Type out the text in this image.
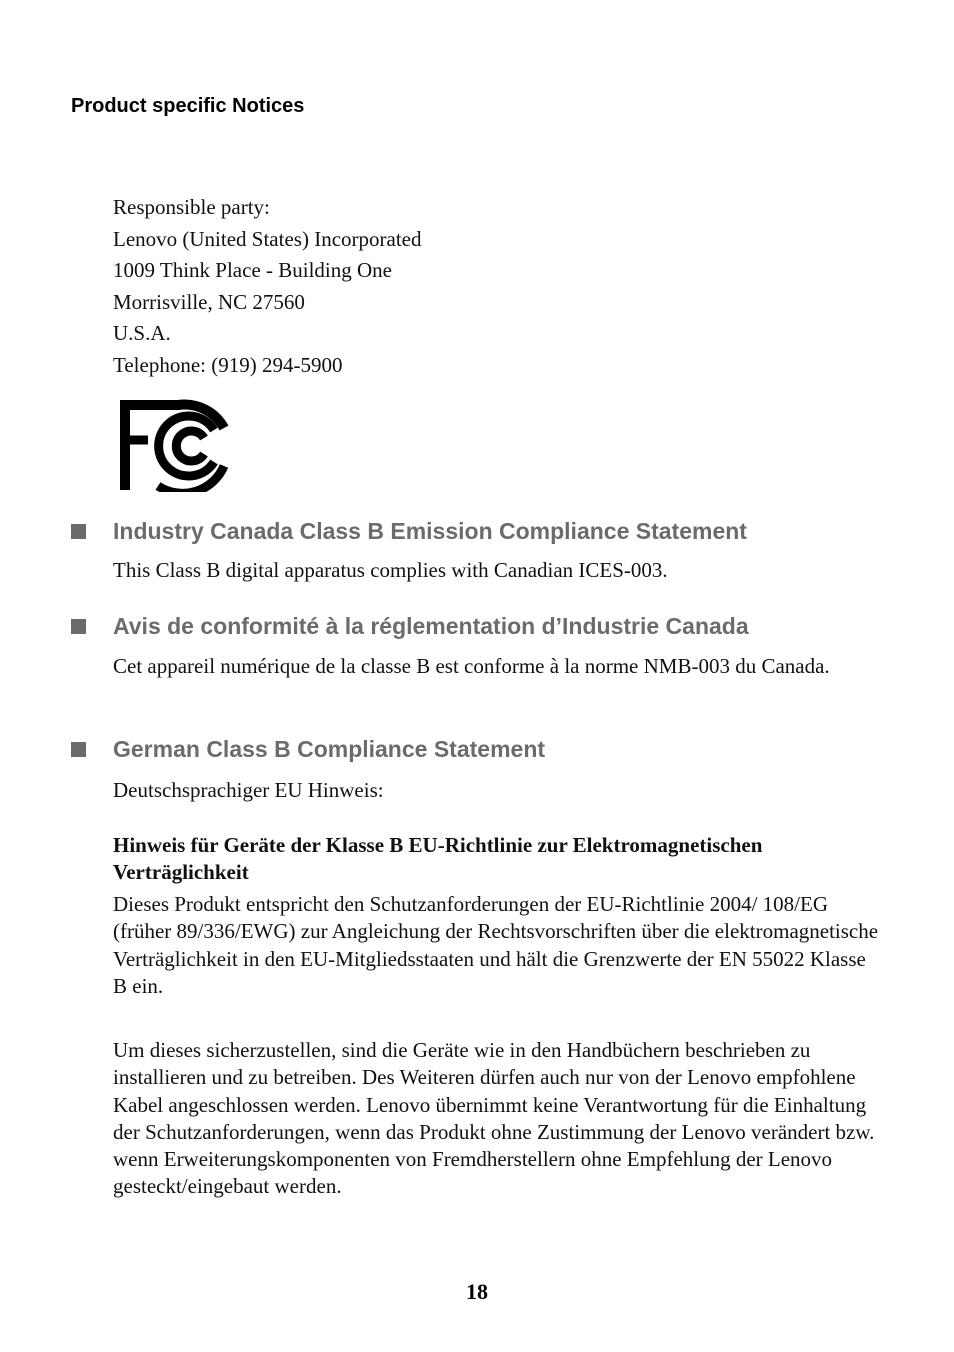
Product specific Notices
Responsible party:
Lenovo (United States) Incorporated
1009 Think Place - Building One
Morrisville, NC 27560
U.S.A.
Telephone: (919) 294-5900
Industry Canada Class B Emission Compliance Statement

This Class B digital apparatus complies with Canadian ICES-003.

Avis de conformité à la réglementation d’Industrie Canada

Cet appareil numérique de la classe B est conforme à la norme NMB-003 du Canada.

German Class B Compliance Statement

Deutschsprachiger EU Hinweis:

Hinweis für Geräte der Klasse B EU-Richtlinie zur Elektromagnetischen Verträglichkeit

Dieses Produkt entspricht den Schutzanforderungen der EU-Richtlinie 2004/ 108/EG (früher 89/336/EWG) zur Angleichung der Rechtsvorschriften über die elektromagnetische Verträglichkeit in den EU-Mitgliedsstaaten und hält die Grenzwerte der EN 55022 Klasse B ein.

Um dieses sicherzustellen, sind die Geräte wie in den Handbüchern beschrieben zu installieren und zu betreiben. Des Weiteren dürfen auch nur von der Lenovo empfohlene Kabel angeschlossen werden. Lenovo übernimmt keine Verantwortung für die Einhaltung der Schutzanforderungen, wenn das Produkt ohne Zustimmung der Lenovo verändert bzw. wenn Erweiterungskomponenten von Fremdherstellern ohne Empfehlung der Lenovo gesteckt/eingebaut werden.

18
